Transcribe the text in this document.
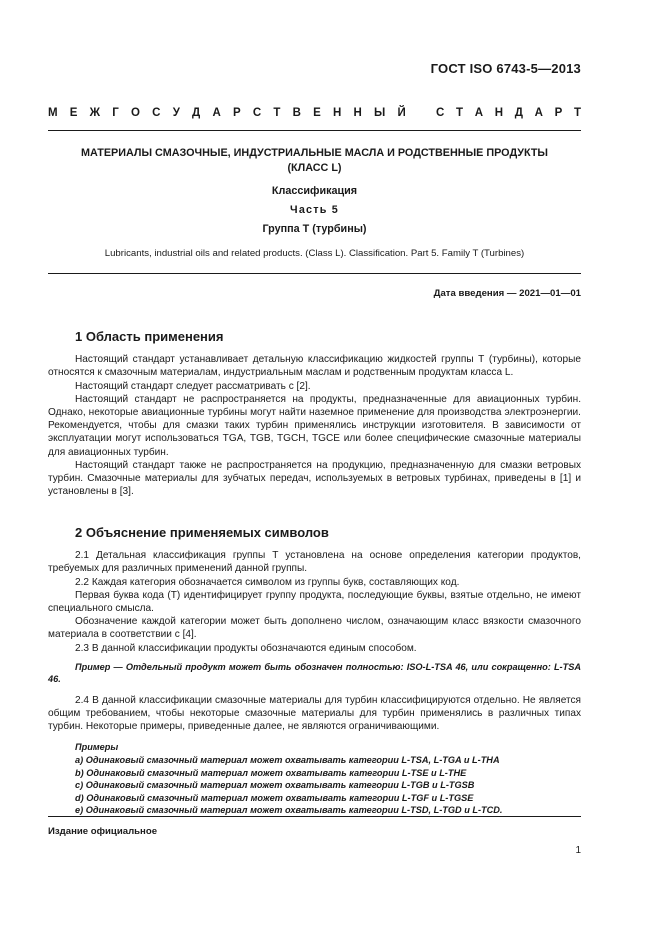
ГОСТ ISO 6743-5—2013
М Е Ж Г О С У Д А Р С Т В Е Н Н Ы Й	С Т А Н Д А Р Т
МАТЕРИАЛЫ СМАЗОЧНЫЕ, ИНДУСТРИАЛЬНЫЕ МАСЛА И РОДСТВЕННЫЕ ПРОДУКТЫ
(КЛАСС L)
Классификация
Часть 5
Группа Т (турбины)
Lubricants, industrial oils and related products. (Class L). Classification. Part 5. Family T (Turbines)
Дата введения — 2021—01—01
1 Область применения

Настоящий стандарт устанавливает детальную классификацию жидкостей группы Т (турбины), которые относятся к смазочным материалам, индустриальным маслам и родственным продуктам класса L.

Настоящий стандарт следует рассматривать с [2].

Настоящий стандарт не распространяется на продукты, предназначенные для авиационных турбин. Однако, некоторые авиационные турбины могут найти наземное применение для производства электроэнергии. Рекомендуется, чтобы для смазки таких турбин применялись инструкции изготовителя. В зависимости от эксплуатации могут использоваться TGA, TGB, TGCH, TGCE или более специфические смазочные материалы для авиационных турбин.

Настоящий стандарт также не распространяется на продукцию, предназначенную для смазки ветровых турбин. Смазочные материалы для зубчатых передач, используемых в ветровых турбинах, приведены в [1] и установлены в [3].

2 Объяснение применяемых символов

2.1 Детальная классификация группы Т установлена на основе определения категории продуктов, требуемых для различных применений данной группы.

2.2 Каждая категория обозначается символом из группы букв, составляющих код.

Первая буква кода (Т) идентифицирует группу продукта, последующие буквы, взятые отдельно, не имеют специального смысла.

Обозначение каждой категории может быть дополнено числом, означающим класс вязкости смазочного материала в соответствии с [4].

2.3 В данной классификации продукты обозначаются единым способом.

Пример — Отдельный продукт может быть обозначен полностью: ISO-L-TSA 46, или сокращенно: L-TSA 46.

2.4 В данной классификации смазочные материалы для турбин классифицируются отдельно. Не является общим требованием, чтобы некоторые смазочные материалы для турбин применялись в различных типах турбин. Некоторые примеры, приведенные далее, не являются ограничивающими.

Примеры
а) Одинаковый смазочный материал может охватывать категории L-TSA, L-TGA и L-THA
b) Одинаковый смазочный материал может охватывать категории L-TSE и L-THE
с) Одинаковый смазочный материал может охватывать категории L-TGB и L-TGSB
d) Одинаковый смазочный материал может охватывать категории L-TGF и L-TGSE
е) Одинаковый смазочный материал может охватывать категории L-TSD, L-TGD и L-TCD.
Издание официальное
1
